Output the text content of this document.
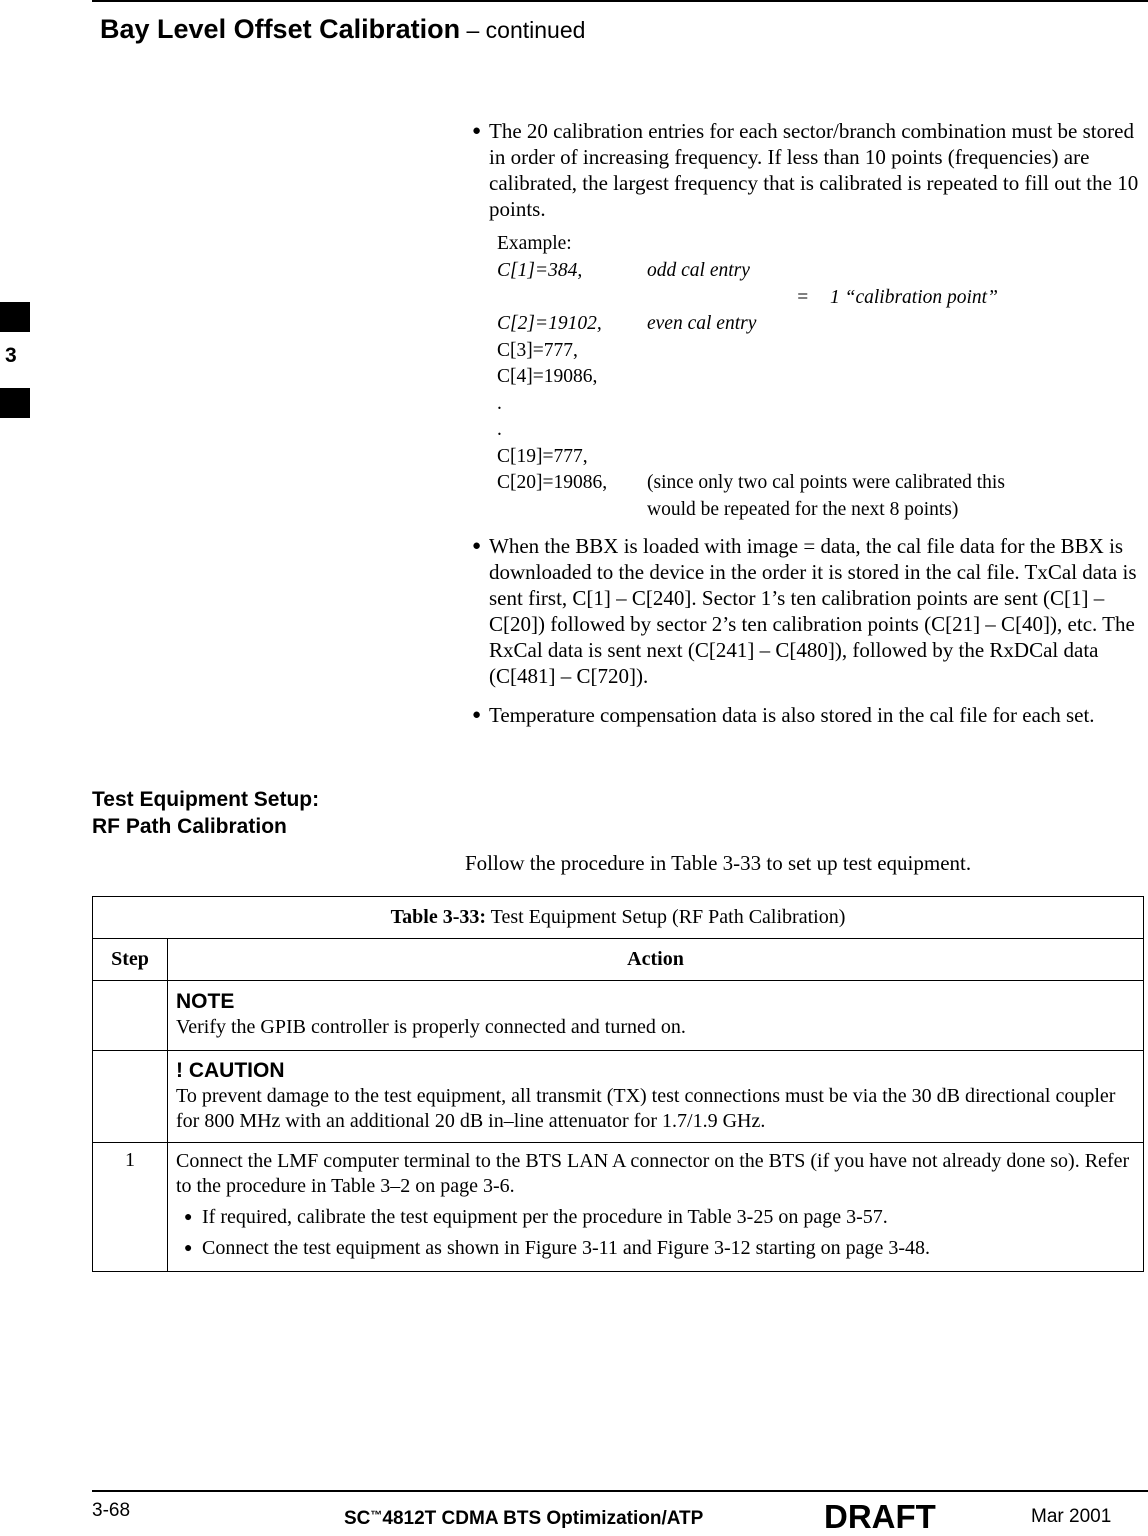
Bay Level Offset Calibration – continued
3
● The 20 calibration entries for each sector/branch combination must be stored in order of increasing frequency. If less than 10 points (frequencies) are calibrated, the largest frequency that is calibrated is repeated to fill out the 10 points.
Example:
C[1]=384,	odd cal entry
= 1 “calibration point”
C[2]=19102, even cal entry
C[3]=777,
C[4]=19086,
.
.
C[19]=777,
C[20]=19086, (since only two cal points were calibrated this
would be repeated for the next 8 points)
● When the BBX is loaded with image = data, the cal file data for the BBX is downloaded to the device in the order it is stored in the cal file. TxCal data is sent first, C[1] – C[240]. Sector 1’s ten calibration points are sent (C[1] – C[20]) followed by sector 2’s ten calibration points (C[21] – C[40]), etc. The RxCal data is sent next (C[241] – C[480]), followed by the RxDCal data (C[481] – C[720]).
● Temperature compensation data is also stored in the cal file for each set.
Test Equipment Setup:
RF Path Calibration
Follow the procedure in Table 3-33 to set up test equipment.
Table 3-33: Test Equipment Setup (RF Path Calibration)	
Step	Action

	NOTE
Verify the GPIB controller is properly connected and turned on.

	! CAUTION
To prevent damage to the test equipment, all transmit (TX) test connections must be via the 30 dB directional coupler for 800 MHz with an additional 20 dB in–line attenuator for 1.7/1.9 GHz.

1	Connect the LMF computer terminal to the BTS LAN A connector on the BTS (if you have not already done so). Refer to the procedure in Table 3–2 on page 3-6.
● If required, calibrate the test equipment per the procedure in Table 3-25 on page 3-57.
● Connect the test equipment as shown in Figure 3-11 and Figure 3-12 starting on page 3-48.
3-68	SC™4812T CDMA BTS Optimization/ATP	DRAFT	Mar 2001
